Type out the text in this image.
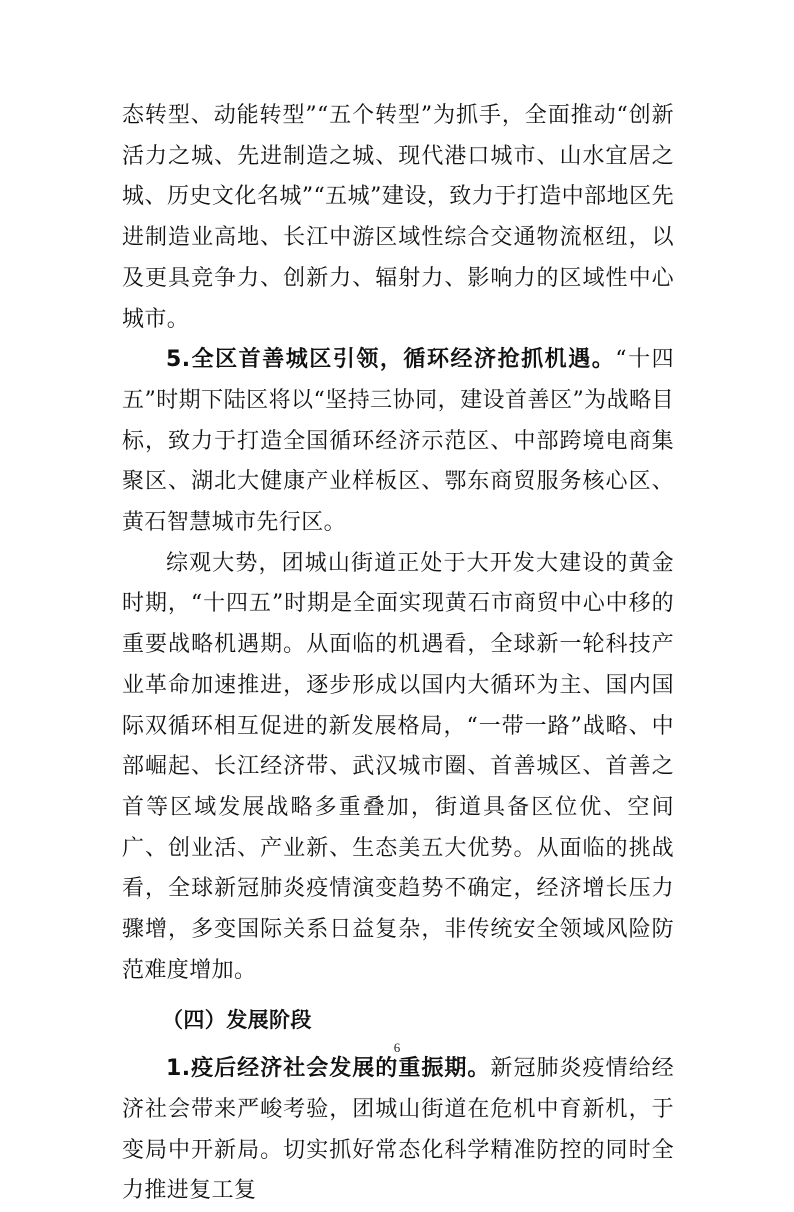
态转型、动能转型”“五个转型”为抓手，全面推动“创新活力之城、先进制造之城、现代港口城市、山水宜居之城、历史文化名城”“五城”建设，致力于打造中部地区先进制造业高地、长江中游区域性综合交通物流枢纽，以及更具竞争力、创新力、辐射力、影响力的区域性中心城市。

5.全区首善城区引领，循环经济抢抓机遇。“十四五”时期下陆区将以“坚持三协同，建设首善区”为战略目标，致力于打造全国循环经济示范区、中部跨境电商集聚区、湖北大健康产业样板区、鄂东商贸服务核心区、黄石智慧城市先行区。

综观大势，团城山街道正处于大开发大建设的黄金时期，“十四五”时期是全面实现黄石市商贸中心中移的重要战略机遇期。从面临的机遇看，全球新一轮科技产业革命加速推进，逐步形成以国内大循环为主、国内国际双循环相互促进的新发展格局，“一带一路”战略、中部崛起、长江经济带、武汉城市圈、首善城区、首善之首等区域发展战略多重叠加，街道具备区位优、空间广、创业活、产业新、生态美五大优势。从面临的挑战看，全球新冠肺炎疫情演变趋势不确定，经济增长压力骤增，多变国际关系日益复杂，非传统安全领域风险防范难度增加。

（四）发展阶段

1.疫后经济社会发展的重振期。新冠肺炎疫情给经济社会带来严峻考验，团城山街道在危机中育新机，于变局中开新局。切实抓好常态化科学精准防控的同时全力推进复工复

6
